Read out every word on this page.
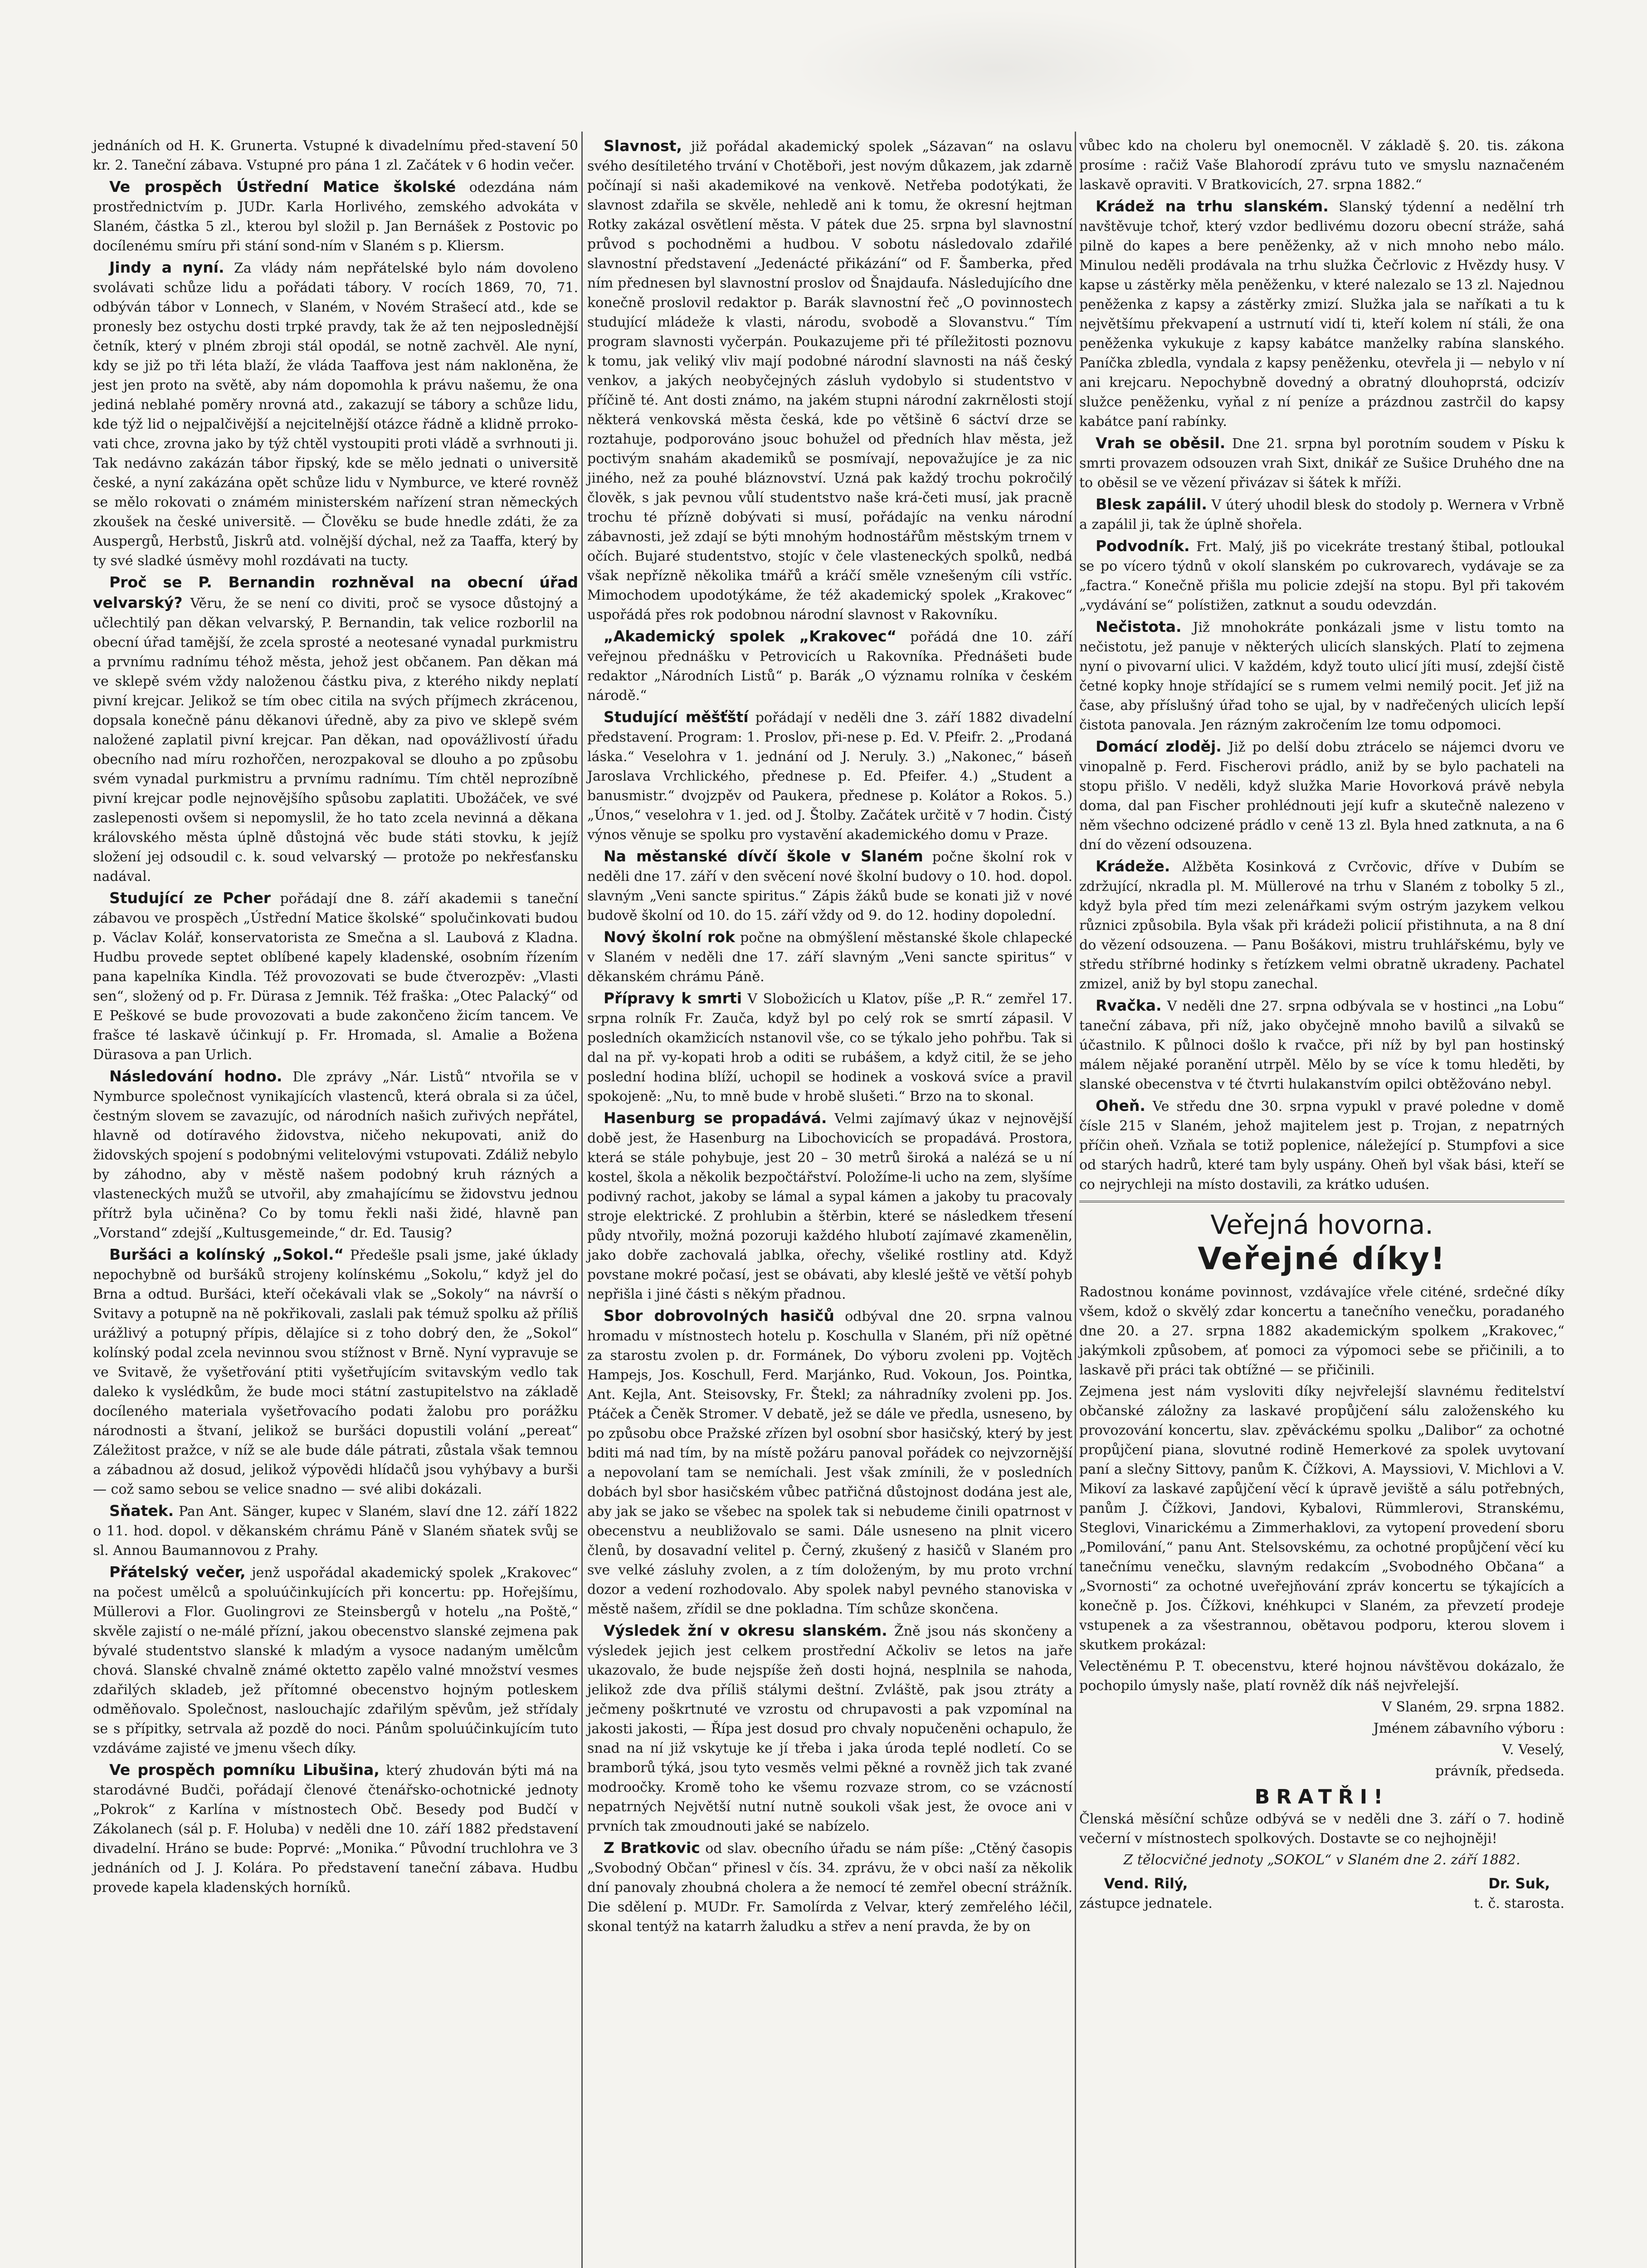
jednáních od H. K. Grunerta. Vstupné k divadelnímu před-stavení 50 kr. 2. Taneční zábava. Vstupné pro pána 1 zl. Začátek v 6 hodin večer.

Ve prospěch Ústřední Matice školské odezdána nám prostřednictvím p. JUDr. Karla Horlivého, zemského advokáta v Slaném, částka 5 zl., kterou byl složil p. Jan Bernášek z Postovic po docílenému smíru při stání sond-ním v Slaném s p. Kliersm.

Jindy a nyní. Za vlády nám nepřátelské bylo nám dovoleno svolávati schůze lidu a pořádati tábory. V rocích 1869, 70, 71. odbýván tábor v Lonnech, v Slaném, v Novém Strašecí atd., kde se pronesly bez ostychu dosti trpké pravdy, tak že až ten nejposlednější četník, který v plném zbroji stál opodál, se notně zachvěl. Ale nyní, kdy se již po tři léta blaží, že vláda Taaffova jest nám nakloněna, že jest jen proto na světě, aby nám dopomohla k právu našemu, že ona jediná neblahé poměry nrovná atd., zakazují se tábory a schůze lidu, kde týž lid o nejpalčivější a nejcitelnější otázce řádně a klidně prroko-vati chce, zrovna jako by týž chtěl vystoupiti proti vládě a svrhnouti ji. Tak nedávno zakázán tábor řipský, kde se mělo jednati o universitě české, a nyní zakázána opět schůze lidu v Nymburce, ve které rovněž se mělo rokovati o známém ministerském nařízení stran německých zkoušek na české universitě. — Člověku se bude hnedle zdáti, že za Auspergů, Herbstů, Jiskrů atd. volnější dýchal, než za Taaffa, který by ty své sladké úsměvy mohl rozdávati na tucty.

Proč se P. Bernandin rozhněval na obecní úřad velvarský? Věru, že se není co diviti, proč se vysoce důstojný a učlechtilý pan děkan velvarský, P. Bernandin, tak velice rozborlil na obecní úřad tamější, že zcela sprosté a neotesané vynadal purkmistru a prvnímu radnímu téhož města, jehož jest občanem. Pan děkan má ve sklepě svém vždy naloženou částku piva, z kterého nikdy neplatí pivní krejcar. Jelikož se tím obec citila na svých příjmech zkrácenou, dopsala konečně pánu děkanovi úředně, aby za pivo ve sklepě svém naložené zaplatil pivní krejcar. Pan děkan, nad opovážlivostí úřadu obecního nad míru rozhořčen, nerozpakoval se dlouho a po způsobu svém vynadal purkmistru a prvnímu radnímu. Tím chtěl neprozíbně pivní krejcar podle nejnovějšího spůsobu zaplatiti. Ubožáček, ve své zaslepenosti ovšem si nepomyslil, že ho tato zcela nevinná a děkana královského města úplně důstojná věc bude státi stovku, k jejíž složení jej odsoudil c. k. soud velvarský — protože po nekřesťansku nadával.

Studující ze Pcher pořádají dne 8. září akademii s taneční zábavou ve prospěch „Ústřední Matice školské“ spolučinkovati budou p. Václav Kolář, konservatorista ze Smečna a sl. Laubová z Kladna. Hudbu provede septet oblíbené kapely kladenské, osobním řízením pana kapelníka Kindla. Též provozovati se bude čtverozpěv: „Vlasti sen“, složený od p. Fr. Dürasa z Jemnik. Též fraška: „Otec Palacký“ od E Peškové se bude provozovati a bude zakončeno žicím tancem. Ve frašce té laskavě účinkují p. Fr. Hromada, sl. Amalie a Božena Dürasova a pan Urlich.

Následování hodno. Dle zprávy „Nár. Listů“ ntvořila se v Nymburce společnost vynikajících vlastenců, která obrala si za účel, čestným slovem se zavazujíc, od národních našich zuřivých nepřátel, hlavně od dotíravého židovstva, ničeho nekupovati, aniž do židovských spojení s podobnými velitelovými vstupovati. Zdáliž nebylo by záhodno, aby v městě našem podobný kruh rázných a vlasteneckých mužů se utvořil, aby zmahajícímu se židovstvu jednou přítrž byla učiněna? Co by tomu řekli naši židé, hlavně pan „Vorstand“ zdejší „Kultusgemeinde,“ dr. Ed. Tausig?

Buršáci a kolínský „Sokol.“ Předešle psali jsme, jaké úklady nepochybně od buršáků strojeny kolínskému „Sokolu,“ když jel do Brna a odtud. Buršáci, kteří očekávali vlak se „Sokoly“ na návrší o Svitavy a potupně na ně pokřikovali, zaslali pak témuž spolku až příliš urážlivý a potupný přípis, dělajíce si z toho dobrý den, že „Sokol“ kolínský podal zcela nevinnou svou stížnost v Brně. Nyní vypravuje se ve Svitavě, že vyšetřování ptiti vyšetřujícím svitavským vedlo tak daleko k vyslédkům, že bude moci státní zastupitelstvo na základě docíleného materiala vyšetřovacího podati žalobu pro porážku národnosti a štvaní, jelikož se buršáci dopustili volání „pereat“ Záležitost pražce, v níž se ale bude dále pátrati, zůstala však temnou a zábadnou až dosud, jelikož výpovědi hlídačů jsou vyhýbavy a burši — což samo sebou se velice snadno — své alibi dokázali.

Sňatek. Pan Ant. Sänger, kupec v Slaném, slaví dne 12. září 1822 o 11. hod. dopol. v děkanském chrámu Páně v Slaném sňatek svůj se sl. Annou Baumannovou z Prahy.

Přátelský večer, jenž uspořádal akademický spolek „Krakovec“ na počest umělců a spoluúčinkujících při koncertu: pp. Hořejšímu, Müllerovi a Flor. Guolingrovi ze Steinsbergů v hotelu „na Poště,“ skvěle zajistí o ne-málé přízní, jakou obecenstvo slanské zejmena pak bývalé studentstvo slanské k mladým a vysoce nadaným umělcům chová. Slanské chvalně známé oktetto zapělo valné množství vesmes zdařilých skladeb, jež přítomné obecenstvo hojným potleskem odměňovalo. Společnost, naslouchajíc zdařilým spěvům, jež střídaly se s přípitky, setrvala až pozdě do noci. Pánům spoluúčinkujícím tuto vzdáváme zajisté ve jmenu všech díky.

Ve prospěch pomníku Libušina, který zhudován býti má na starodávné Budči, pořádají členové čtenářsko-ochotnické jednoty „Pokrok“ z Karlína v místnostech Obč. Besedy pod Budčí v Zákolanech (sál p. F. Holuba) v neděli dne 10. září 1882 představení divadelní. Hráno se bude: Poprvé: „Monika.“ Původní truchlohra ve 3 jednáních od J. J. Kolára. Po představení taneční zábava. Hudbu provede kapela kladenských horníků.

Slavnost, již pořádal akademický spolek „Sázavan“ na oslavu svého desítiletého trvání v Chotěboři, jest novým důkazem, jak zdarně počínají si naši akademikové na venkově. Netřeba podotýkati, že slavnost zdařila se skvěle, nehledě ani k tomu, že okresní hejtman Rotky zakázal osvětlení města. V pátek due 25. srpna byl slavnostní průvod s pochodněmi a hudbou. V sobotu následovalo zdařilé slavnostní představení „Jedenácté přikázání“ od F. Šamberka, před ním přednesen byl slavnostní proslov od Šnajdaufa. Následujícího dne konečně proslovil redaktor p. Barák slavnostní řeč „O povinnostech studující mládeže k vlasti, národu, svobodě a Slovanstvu.“ Tím program slavnosti vyčerpán. Poukazujeme při té příležitosti poznovu k tomu, jak veliký vliv mají podobné národní slavnosti na náš český venkov, a jakých neobyčejných zásluh vydobylo si studentstvo v příčině té. Ant dosti známo, na jakém stupni národní zakrnělosti stojí některá venkovská města česká, kde po většině 6 sáctví drze se roztahuje, podporováno jsouc bohužel od předních hlav města, jež poctivým snahám akademiků se posmívají, nepovažujíce je za nic jiného, než za pouhé bláznovství. Uzná pak každý trochu pokročilý člověk, s jak pevnou vůlí studentstvo naše krá-četi musí, jak pracně trochu té přízně dobývati si musí, pořádajíc na venku národní zábavnosti, jež zdají se býti mnohým hodnostářům městským trnem v očích. Bujaré studentstvo, stojíc v čele vlasteneckých spolků, nedbá však nepřízně několika tmářů a kráčí směle vznešeným cíli vstříc. Mimochodem upodotýkáme, že též akademický spolek „Krakovec“ uspořádá přes rok podobnou národní slavnost v Rakovníku.

„Akademický spolek „Krakovec“ pořádá dne 10. září veřejnou přednášku v Petrovicích u Rakovníka. Přednášeti bude redaktor „Národních Listů“ p. Barák „O významu rolníka v českém národě.“

Studující měšťští pořádají v neděli dne 3. září 1882 divadelní představení. Program: 1. Proslov, při-nese p. Ed. V. Pfeifr. 2. „Prodaná láska.“ Veselohra v 1. jednání od J. Neruly. 3.) „Nakonec,“ báseň Jaroslava Vrchlického, přednese p. Ed. Pfeifer. 4.) „Student a banusmistr.“ dvojzpěv od Paukera, přednese p. Kolátor a Rokos. 5.) „Únos,“ veselohra v 1. jed. od J. Štolby. Začátek určitě v 7 hodin. Čistý výnos věnuje se spolku pro vystavění akademického domu v Praze.

Na městanské dívčí škole v Slaném počne školní rok v neděli dne 17. září v den svěcení nové školní budovy o 10. hod. dopol. slavným „Veni sancte spiritus.“ Zápis žáků bude se konati již v nové budově školní od 10. do 15. září vždy od 9. do 12. hodiny dopolední.

Nový školní rok počne na obmýšlení městanské škole chlapecké v Slaném v neděli dne 17. září slavným „Veni sancte spiritus“ v děkanském chrámu Páně.

Přípravy k smrti V Slobožicích u Klatov, píše „P. R.“ zemřel 17. srpna rolník Fr. Zauča, když byl po celý rok se smrtí zápasil. V posledních okamžicích nstanovil vše, co se týkalo jeho pohřbu. Tak si dal na př. vy-kopati hrob a oditi se rubášem, a když citil, že se jeho poslední hodina blíží, uchopil se hodinek a vosková svíce a pravil spokojeně: „Nu, to mně bude v hrobě slušeti.“ Brzo na to skonal.

Hasenburg se propadává. Velmi zajímavý úkaz v nejnovější době jest, že Hasenburg na Libochovicích se propadává. Prostora, která se stále pohybuje, jest 20 – 30 metrů široká a nalézá se u ní kostel, škola a několik bezpočtářství. Položíme-li ucho na zem, slyšíme podivný rachot, jakoby se lámal a sypal kámen a jakoby tu pracovaly stroje elektrické. Z prohlubin a štěrbin, které se následkem třesení půdy ntvořily, možná pozoruji každého hlubotí zajímavé zkamenělin, jako dobře zachovalá jablka, ořechy, všeliké rostliny atd. Když povstane mokré počasí, jest se obávati, aby kleslé ještě ve větší pohyb nepřišla i jiné části s někým přadnou.

Sbor dobrovolných hasičů odbýval dne 20. srpna valnou hromadu v místnostech hotelu p. Koschulla v Slaném, při níž opětné za starostu zvolen p. dr. Formánek, Do výboru zvoleni pp. Vojtěch Hampejs, Jos. Koschull, Ferd. Marjánko, Rud. Vokoun, Jos. Pointka, Ant. Kejla, Ant. Steisovsky, Fr. Štekl; za náhradníky zvoleni pp. Jos. Ptáček a Čeněk Stromer. V debatě, jež se dále ve předla, usneseno, by po způsobu obce Pražské zřízen byl osobní sbor hasičský, který by jest bditi má nad tím, by na místě požáru panoval pořádek co nejvzornější a nepovolaní tam se nemíchali. Jest však zmínili, že v posledních dobách byl sbor hasičském vůbec patřičná důstojnost dodána jest ale, aby jak se jako se všebec na spolek tak si nebudeme činili opatrnost v obecenstvu a neubližovalo se sami. Dále usneseno na plnit vicero členů, by dosavadní velitel p. Černý, zkušený z hasičů v Slaném pro sve velké zásluhy zvolen, a z tím doloženým, by mu proto vrchní dozor a vedení rozhodovalo. Aby spolek nabyl pevného stanoviska v městě našem, zřídil se dne pokladna. Tím schůze skončena.

Výsledek žní v okresu slanském. Žně jsou nás skončeny a výsledek jejich jest celkem prostřední Ačkoliv se letos na jaře ukazovalo, že bude nejspíše žeň dosti hojná, nesplnila se nahoda, jelikož zde dva příliš stálymi deštní. Zvláště, pak jsou ztráty a ječmeny poškrtnuté ve vzrostu od chrupavosti a pak vzpomínal na jakosti jakosti, — Řípa jest dosud pro chvaly nopučeněni ochapulo, že snad na ní již vskytuje ke jí třeba i jaka úroda teplé nodletí. Co se bramborů týká, jsou tyto vesměs velmi pěkné a rovněž jich tak zvané modroočky. Kromě toho ke všemu rozvaze strom, co se vzácností nepatrných Největší nutní nutně soukoli však jest, že ovoce ani v prvních tak zmoudnouti jaké se nabízelo.

Z Bratkovic od slav. obecního úřadu se nám píše: „Ctěný časopis „Svobodný Občan“ přinesl v čís. 34. zprávu, že v obci naší za několik dní panovaly zhoubná cholera a že nemocí té zemřel obecní strážník. Die sdělení p. MUDr. Fr. Samolírda z Velvar, který zemřelého léčil, skonal tentýž na katarrh žaludku a střev a není pravda, že by on

vůbec kdo na choleru byl onemocněl. V základě §. 20. tis. zákona prosíme : račiž Vaše Blahorodí zprávu tuto ve smyslu naznačeném laskavě opraviti. V Bratkovicích, 27. srpna 1882.“

Krádež na trhu slanském. Slanský týdenní a nedělní trh navštěvuje tchoř, který vzdor bedlivému dozoru obecní stráže, sahá pilně do kapes a bere peněženky, až v nich mnoho nebo málo. Minulou neděli prodávala na trhu služka Čečrlovic z Hvězdy husy. V kapse u zástěrky měla peněženku, v které nalezalo se 13 zl. Najednou peněženka z kapsy a zástěrky zmizí. Služka jala se naříkati a tu k největšímu překvapení a ustrnutí vidí ti, kteří kolem ní stáli, že ona peněženka vykukuje z kapsy kabátce manželky rabína slanského. Paníčka zbledla, vyndala z kapsy peněženku, otevřela ji — nebylo v ní ani krejcaru. Nepochybně dovedný a obratný dlouhoprstá, odcizív služce peněženku, vyňal z ní peníze a prázdnou zastrčil do kapsy kabátce paní rabínky.

Vrah se oběsil. Dne 21. srpna byl porotním soudem v Písku k smrti provazem odsouzen vrah Sixt, dnikář ze Sušice Druhého dne na to oběsil se ve vězení přivázav si šátek k mříži.

Blesk zapálil. V úterý uhodil blesk do stodoly p. Wernera v Vrbně a zapálil ji, tak že úplně shořela.

Podvodník. Frt. Malý, jiš po vicekráte trestaný štibal, potloukal se po vícero týdnů v okolí slanském po cukrovarech, vydávaje se za „factra.“ Konečně přišla mu policie zdejší na stopu. Byl při takovém „vydávání se“ polístižen, zatknut a soudu odevzdán.

Nečistota. Již mnohokráte ponkázali jsme v listu tomto na nečistotu, jež panuje v některých ulicích slanských. Platí to zejmena nyní o pivovarní ulici. V každém, když touto ulicí jíti musí, zdejší čistě četné kopky hnoje střídající se s rumem velmi nemilý pocit. Jeť již na čase, aby příslušný úřad toho se ujal, by v nadřečených ulicích lepší čistota panovala. Jen rázným zakročením lze tomu odpomoci.

Domácí zloděj. Již po delší dobu ztrácelo se nájemci dvoru ve vinopalně p. Ferd. Fischerovi prádlo, aniž by se bylo pachateli na stopu přišlo. V neděli, když služka Marie Hovorková právě nebyla doma, dal pan Fischer prohlédnouti její kufr a skutečně nalezeno v něm všechno odcizené prádlo v ceně 13 zl. Byla hned zatknuta, a na 6 dní do vězení odsouzena.

Krádeže. Alžběta Kosinková z Cvrčovic, dříve v Dubím se zdržující, nkradla pl. M. Müllerové na trhu v Slaném z tobolky 5 zl., když byla před tím mezi zelenářkami svým ostrým jazykem velkou různici způsobila. Byla však při krádeži policií přistihnuta, a na 8 dní do vězení odsouzena. — Panu Bošákovi, mistru truhlářskému, byly ve středu stříbrné hodinky s řetízkem velmi obratně ukradeny. Pachatel zmizel, aniž by byl stopu zanechal.

Rvačka. V neděli dne 27. srpna odbývala se v hostinci „na Lobu“ taneční zábava, při níž, jako obyčejně mnoho bavilů a silvaků se účastnilo. K půlnoci došlo k rvačce, při níž by byl pan hostinský málem nějaké poranění utrpěl. Mělo by se více k tomu hleděti, by slanské obecenstva v té čtvrti hulakanstvím opilci obtěžováno nebyl.

Oheň. Ve středu dne 30. srpna vypukl v pravé poledne v domě čísle 215 v Slaném, jehož majitelem jest p. Trojan, z nepatrných příčin oheň. Vzňala se totiž poplenice, náležející p. Stumpfovi a sice od starých hadrů, které tam byly uspány. Oheň byl však bási, kteří se co nejrychleji na místo dostavili, za krátko uduśen.

Veřejná hovorna.
Veřejné díky!

Radostnou konáme povinnost, vzdávajíce vřele citéné, srdečné díky všem, kdož o skvělý zdar koncertu a tanečního venečku, poradaného dne 20. a 27. srpna 1882 akademickým spolkem „Krakovec,“ jakýmkoli způsobem, ať pomoci za výpomoci sebe se přičinili, a to laskavě při práci tak obtížné — se přičinili.

Zejmena jest nám vysloviti díky nejvřelejší slavnému ředitelství občanské záložny za laskavé propůjčení sálu založenského ku provozování koncertu, slav. zpěváckému spolku „Dalibor“ za ochotné propůjčení piana, slovutné rodině Hemerkové za spolek uvytovaní paní a slečny Sittovy, panům K. Čížkovi, A. Mayssiovi, V. Michlovi a V. Mikoví za laskavé zapůjčení věcí k úpravě jeviště a sálu potřebných, panům J. Čížkovi, Jandovi, Kybalovi, Rümmlerovi, Stranskému, Steglovi, Vinarickému a Zimmerhaklovi, za vytopení provedení sboru „Pomilování,“ panu Ant. Stelsovskému, za ochotné propůjčení věcí ku tanečnímu venečku, slavným redakcím „Svobodného Občana“ a „Svornosti“ za ochotné uveřejňování zpráv koncertu se týkajících a konečně p. Jos. Čížkovi, knéhkupci v Slaném, za převzetí prodeje vstupenek a za všestrannou, obětavou podporu, kterou slovem i skutkem prokázal:

Velectěnému P. T. obecenstvu, které hojnou návštěvou dokázalo, že pochopilo úmysly naše, platí rovněž dík náš nejvřelejší.

V Slaném, 29. srpna 1882.

Jménem zábavního výboru :

V. Veselý,

právník, předseda.

BRATŘI!

Členská měsíční schůze odbývá se v neděli dne 3. září o 7. hodině večerní v místnostech spolkových. Dostavte se co nejhojněji!

Z tělocvičné jednoty „SOKOL“ v Slaném dne 2. září 1882.

Vend. Rilý,
zástupce jednatele.
Dr. Suk,
t. č. starosta.
